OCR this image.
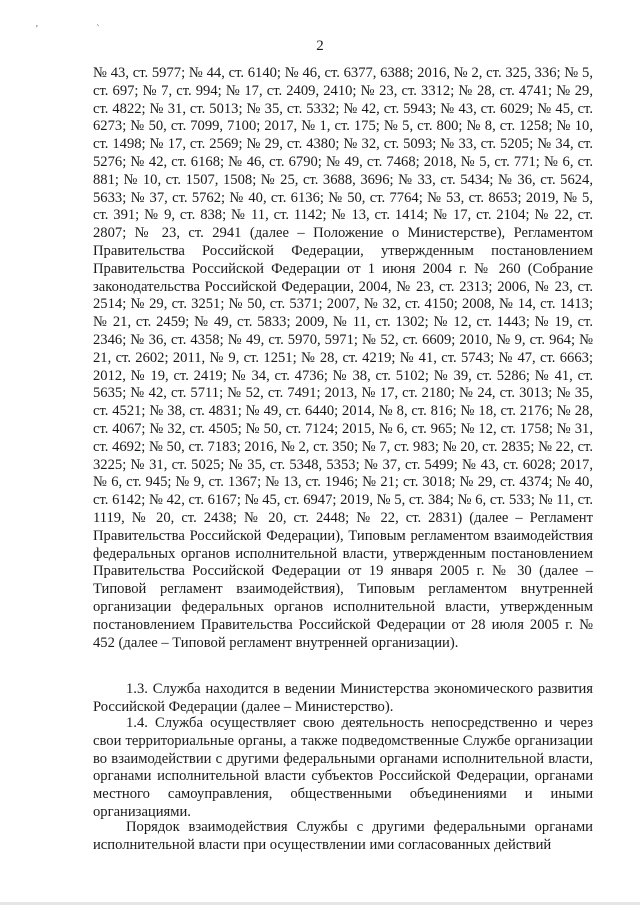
' `
2

№ 43, ст. 5977; № 44, ст. 6140; № 46, ст. 6377, 6388; 2016, № 2, ст. 325, 336; № 5, ст. 697; № 7, ст. 994; № 17, ст. 2409, 2410; № 23, ст. 3312; № 28, ст. 4741; № 29, ст. 4822; № 31, ст. 5013; № 35, ст. 5332; № 42, ст. 5943; № 43, ст. 6029; № 45, ст. 6273; № 50, ст. 7099, 7100; 2017, № 1, ст. 175; № 5, ст. 800; № 8, ст. 1258; № 10, ст. 1498; № 17, ст. 2569; № 29, ст. 4380; № 32, ст. 5093; № 33, ст. 5205; № 34, ст. 5276; № 42, ст. 6168; № 46, ст. 6790; № 49, ст. 7468; 2018, № 5, ст. 771; № 6, ст. 881; № 10, ст. 1507, 1508; № 25, ст. 3688, 3696; № 33, ст. 5434; № 36, ст. 5624, 5633; № 37, ст. 5762; № 40, ст. 6136; № 50, ст. 7764; № 53, ст. 8653; 2019, № 5, ст. 391; № 9, ст. 838; № 11, ст. 1142; № 13, ст. 1414; № 17, ст. 2104; № 22, ст. 2807; № 23, ст. 2941 (далее – Положение о Министерстве), Регламентом Правительства Российской Федерации, утвержденным постановлением Правительства Российской Федерации от 1 июня 2004 г. № 260 (Собрание законодательства Российской Федерации, 2004, № 23, ст. 2313; 2006, № 23, ст. 2514; № 29, ст. 3251; № 50, ст. 5371; 2007, № 32, ст. 4150; 2008, № 14, ст. 1413; № 21, ст. 2459; № 49, ст. 5833; 2009, № 11, ст. 1302; № 12, ст. 1443; № 19, ст. 2346; № 36, ст. 4358; № 49, ст. 5970, 5971; № 52, ст. 6609; 2010, № 9, ст. 964; № 21, ст. 2602; 2011, № 9, ст. 1251; № 28, ст. 4219; № 41, ст. 5743; № 47, ст. 6663; 2012, № 19, ст. 2419; № 34, ст. 4736; № 38, ст. 5102; № 39, ст. 5286; № 41, ст. 5635; № 42, ст. 5711; № 52, ст. 7491; 2013, № 17, ст. 2180; № 24, ст. 3013; № 35, ст. 4521; № 38, ст. 4831; № 49, ст. 6440; 2014, № 8, ст. 816; № 18, ст. 2176; № 28, ст. 4067; № 32, ст. 4505; № 50, ст. 7124; 2015, № 6, ст. 965; № 12, ст. 1758; № 31, ст. 4692; № 50, ст. 7183; 2016, № 2, ст. 350; № 7, ст. 983; № 20, ст. 2835; № 22, ст. 3225; № 31, ст. 5025; № 35, ст. 5348, 5353; № 37, ст. 5499; № 43, ст. 6028; 2017, № 6, ст. 945; № 9, ст. 1367; № 13, ст. 1946; № 21; ст. 3018; № 29, ст. 4374; № 40, ст. 6142; № 42, ст. 6167; № 45, ст. 6947; 2019, № 5, ст. 384; № 6, ст. 533; № 11, ст. 1119, № 20, ст. 2438; № 20, ст. 2448; № 22, ст. 2831) (далее – Регламент Правительства Российской Федерации), Типовым регламентом взаимодействия федеральных органов исполнительной власти, утвержденным постановлением Правительства Российской Федерации от 19 января 2005 г. № 30 (далее – Типовой регламент взаимодействия), Типовым регламентом внутренней организации федеральных органов исполнительной власти, утвержденным постановлением Правительства Российской Федерации от 28 июля 2005 г. № 452 (далее – Типовой регламент внутренней организации).

1.3. Служба находится в ведении Министерства экономического развития Российской Федерации (далее – Министерство).

1.4. Служба осуществляет свою деятельность непосредственно и через свои территориальные органы, а также подведомственные Службе организации во взаимодействии с другими федеральными органами исполнительной власти, органами исполнительной власти субъектов Российской Федерации, органами местного самоуправления, общественными объединениями и иными организациями.

Порядок взаимодействия Службы с другими федеральными органами исполнительной власти при осуществлении ими согласованных действий
